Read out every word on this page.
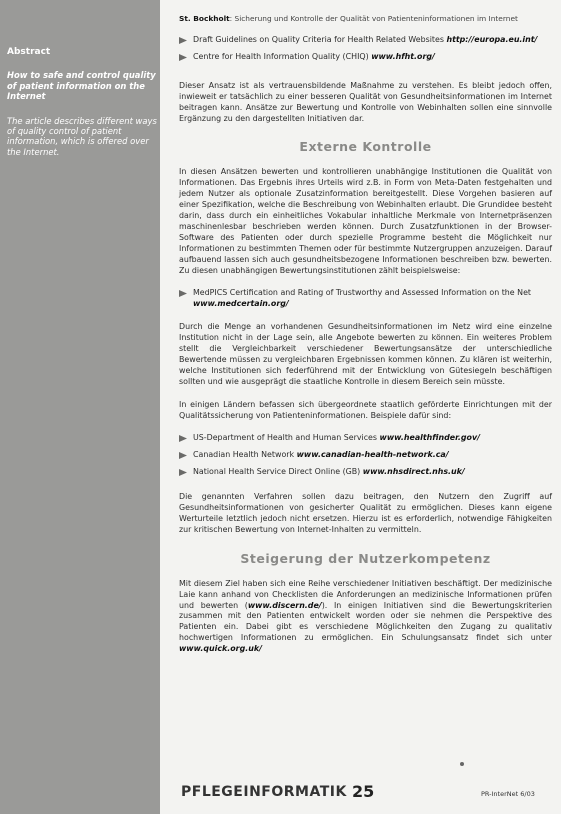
Abstract
How to safe and control quality of patient information on the Internet
The article describes different ways of quality control of patient information, which is offered over the Internet.
St. Bockholt: Sicherung und Kontrolle der Qualität von Patienteninformationen im Internet
Draft Guidelines on Quality Criteria for Health Related Websites http://europa.eu.int/
Centre for Health Information Quality (CHIQ) www.hfht.org/

Dieser Ansatz ist als vertrauensbildende Maßnahme zu verstehen. Es bleibt jedoch offen, inwieweit er tatsächlich zu einer besseren Qualität von Gesundheitsinformationen im Internet beitragen kann. Ansätze zur Bewertung und Kontrolle von Webinhalten sollen eine sinnvolle Ergänzung zu den dargestellten Initiativen dar.

Externe Kontrolle

In diesen Ansätzen bewerten und kontrollieren unabhängige Institutionen die Qualität von Informationen. Das Ergebnis ihres Urteils wird z.B. in Form von Meta-Daten festgehalten und jedem Nutzer als optionale Zusatzinformation bereitgestellt. Diese Vorgehen basieren auf einer Spezifikation, welche die Beschreibung von Webinhalten erlaubt. Die Grundidee besteht darin, dass durch ein einheitliches Vokabular inhaltliche Merkmale von Internetpräsenzen maschinenlesbar beschrieben werden können. Durch Zusatzfunktionen in der Browser-Software des Patienten oder durch spezielle Programme besteht die Möglichkeit nur Informationen zu bestimmten Themen oder für bestimmte Nutzergruppen anzuzeigen. Darauf aufbauend lassen sich auch gesundheitsbezogene Informationen beschreiben bzw. bewerten. Zu diesen unabhängigen Bewertungsinstitutionen zählt beispielsweise:

MedPICS Certification and Rating of Trustworthy and Assessed Information on the Net www.medcertain.org/

Durch die Menge an vorhandenen Gesundheitsinformationen im Netz wird eine einzelne Institution nicht in der Lage sein, alle Angebote bewerten zu können. Ein weiteres Problem stellt die Vergleichbarkeit verschiedener Bewertungsansätze der unterschiedliche Bewertende müssen zu vergleichbaren Ergebnissen kommen können. Zu klären ist weiterhin, welche Institutionen sich federführend mit der Entwicklung von Gütesiegeln beschäftigen sollten und wie ausgeprägt die staatliche Kontrolle in diesem Bereich sein müsste.

In einigen Ländern befassen sich übergeordnete staatlich geförderte Einrichtungen mit der Qualitätssicherung von Patienteninformationen. Beispiele dafür sind:

US-Department of Health and Human Services www.healthfinder.gov/
Canadian Health Network www.canadian-health-network.ca/
National Health Service Direct Online (GB) www.nhsdirect.nhs.uk/

Die genannten Verfahren sollen dazu beitragen, den Nutzern den Zugriff auf Gesundheitsinformationen von gesicherter Qualität zu ermöglichen. Dieses kann eigene Werturteile letztlich jedoch nicht ersetzen. Hierzu ist es erforderlich, notwendige Fähigkeiten zur kritischen Bewertung von Internet-Inhalten zu vermitteln.

Steigerung der Nutzerkompetenz

Mit diesem Ziel haben sich eine Reihe verschiedener Initiativen beschäftigt. Der medizinische Laie kann anhand von Checklisten die Anforderungen an medizinische Informationen prüfen und bewerten (www.discern.de/). In einigen Initiativen sind die Bewertungskriterien zusammen mit den Patienten entwickelt worden oder sie nehmen die Perspektive des Patienten ein. Dabei gibt es verschiedene Möglichkeiten den Zugang zu qualitativ hochwertigen Informationen zu ermöglichen. Ein Schulungsansatz findet sich unter www.quick.org.uk/

PFLEGEINFORMATIK 25	PR-InterNet 6/03
